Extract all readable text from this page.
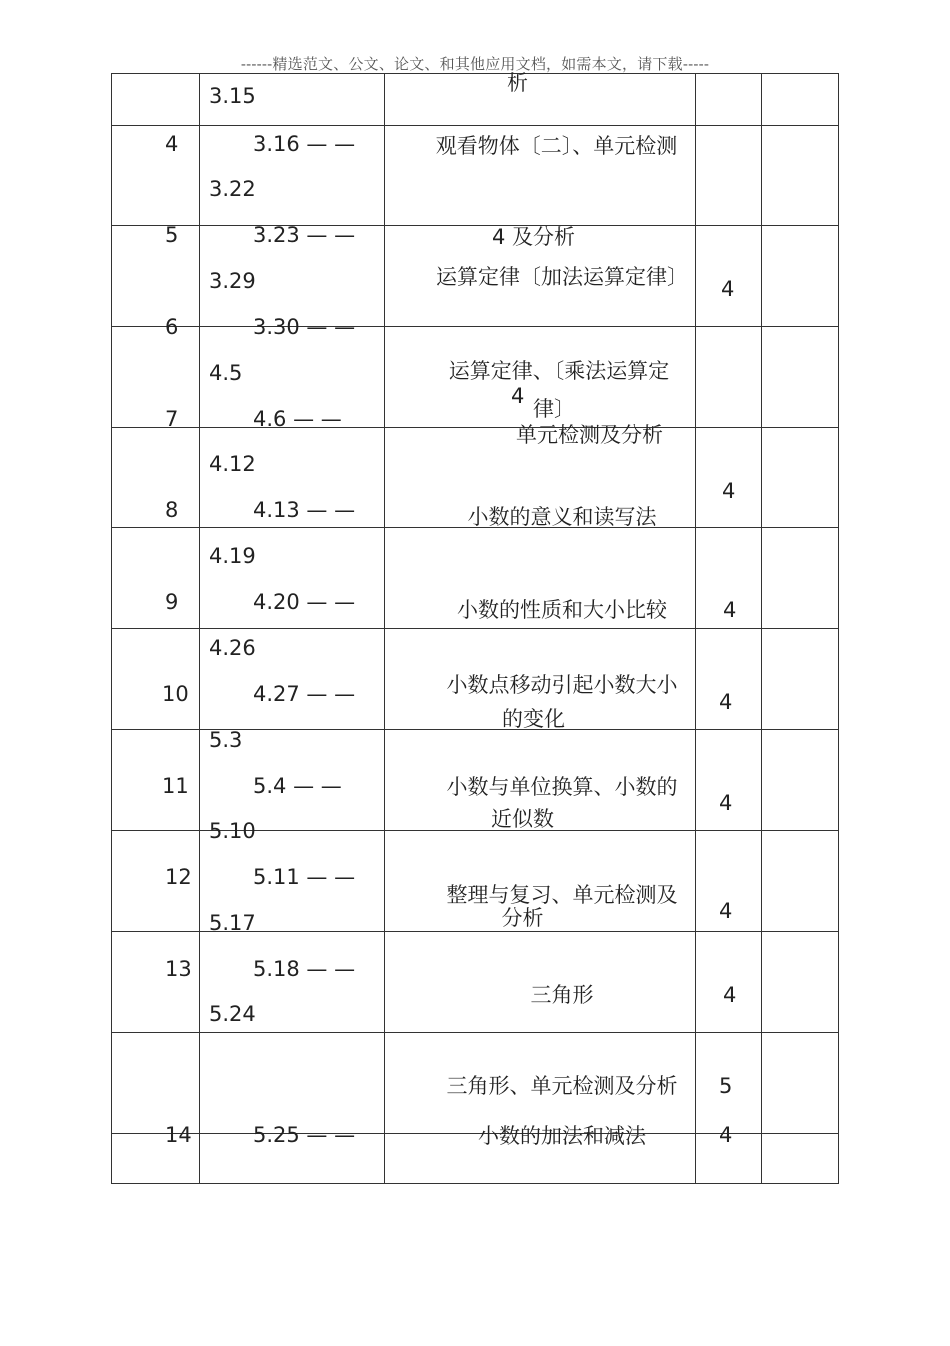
------精选范文、公文、论文、和其他应用文档，如需本文，请下载-----
4
5
6
7
8
9
10
11
12
13
14
3.15
3.16 — —
3.22
3.23 — —
3.29
3.30 — —
4.5
4.6 — —
4.12
4.13 — —
4.19
4.20 — —
4.26
4.27 — —
5.3
5.4 — —
5.10
5.11 — —
5.17
5.18 — —
5.24
5.25 — —
析
观看物体〔二〕、单元检测
4 及分析
运算定律〔加法运算定律〕
运算定律、〔乘法运算定
4
律〕
单元检测及分析
小数的意义和读写法
小数的性质和大小比较
小数点移动引起小数大小
的变化
小数与单位换算、小数的
近似数
整理与复习、单元检测及
分析
三角形
三角形、单元检测及分析
小数的加法和减法
4
4
4
4
4
4
4
5
4
